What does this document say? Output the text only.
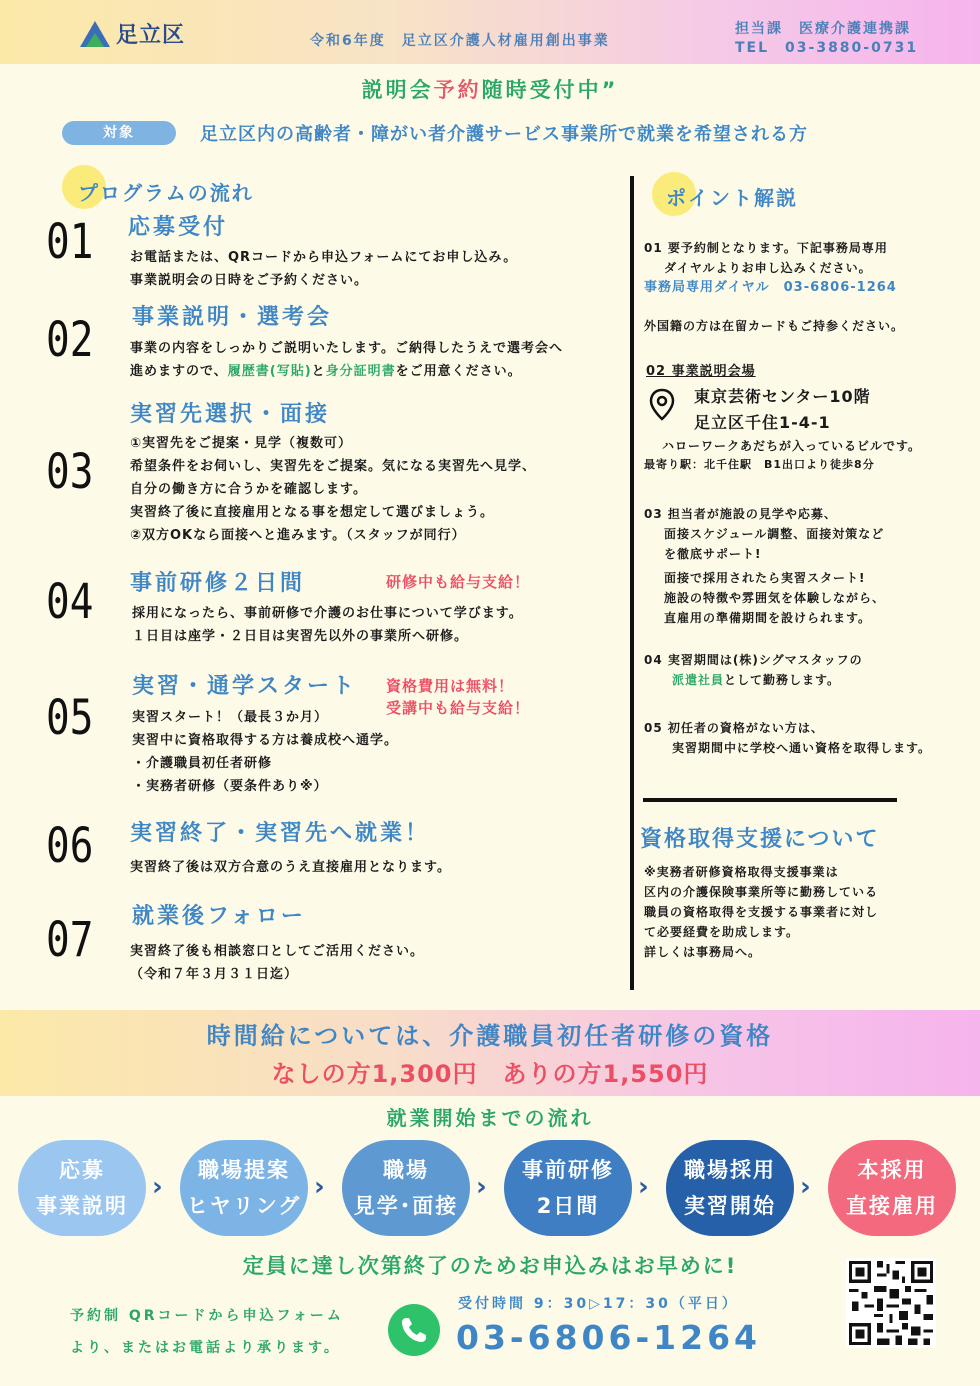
足立区	令和6年度　足立区介護人材雇用創出事業
担当課　医療介護連携課
TEL　03-3880-0731
説明会予約随時受付中”
対象	足立区内の高齢者・障がい者介護サービス事業所で就業を希望される方
プログラムの流れ
01 応募受付
お電話または、QRコードから申込フォームにてお申し込み。
事業説明会の日時をご予約ください。
02 事業説明・選考会
事業の内容をしっかりご説明いたします。ご納得したうえで選考会へ
進めますので、履歴書(写貼)と身分証明書をご用意ください。
03
実習先選択・面接
①実習先をご提案・見学（複数可）
希望条件をお伺いし、実習先をご提案。気になる実習先へ見学、
自分の働き方に合うかを確認します。
実習終了後に直接雇用となる事を想定して選びましょう。
②双方OKなら面接へと進みます。（スタッフが同行）
04 事前研修２日間	研修中も給与支給！
採用になったら、事前研修で介護のお仕事について学びます。
１日目は座学・２日目は実習先以外の事業所へ研修。
05
実習・通学スタート 資格費用は無料！
受講中も給与支給！
実習スタート！（最長３か月）
実習中に資格取得する方は養成校へ通学。
・介護職員初任者研修
・実務者研修（要条件あり※）
06 実習終了・実習先へ就業！
実習終了後は双方合意のうえ直接雇用となります。
07 就業後フォロー
実習終了後も相談窓口としてご活用ください。
（令和７年３月３１日迄）
ポイント解説
01 要予約制となります。下記事務局専用
ダイヤルよりお申し込みください。
事務局専用ダイヤル　03-6806-1264
外国籍の方は在留カードもご持参ください。
02 事業説明会場
東京芸術センター10階
足立区千住1-4-1
ハローワークあだちが入っているビルです。
最寄り駅：北千住駅　B1出口より徒歩8分
03 担当者が施設の見学や応募、
面接スケジュール調整、面接対策など
を徹底サポート!
面接で採用されたら実習スタート!
施設の特徴や雰囲気を体験しながら、
直雇用の準備期間を設けられます。
04 実習期間は(株)シグマスタッフの
派遣社員として勤務します。
05 初任者の資格がない方は、
実習期間中に学校へ通い資格を取得します。
資格取得支援について
※実務者研修資格取得支援事業は
区内の介護保険事業所等に勤務している
職員の資格取得を支援する事業者に対し
て必要経費を助成します。
詳しくは事務局へ。
時間給については、介護職員初任者研修の資格
なしの方1,300円　ありの方1,550円
就業開始までの流れ
応募
事業説明
›
職場提案
ヒヤリング
›
職場
見学･面接
›
事前研修
2日間
›
職場採用
実習開始
›
本採用
直接雇用
定員に達し次第終了のためお申込みはお早めに!
予約制 QRコードから申込フォーム
より、またはお電話より承ります。
受付時間 9：30▷17：30（平日）
03-6806-1264
